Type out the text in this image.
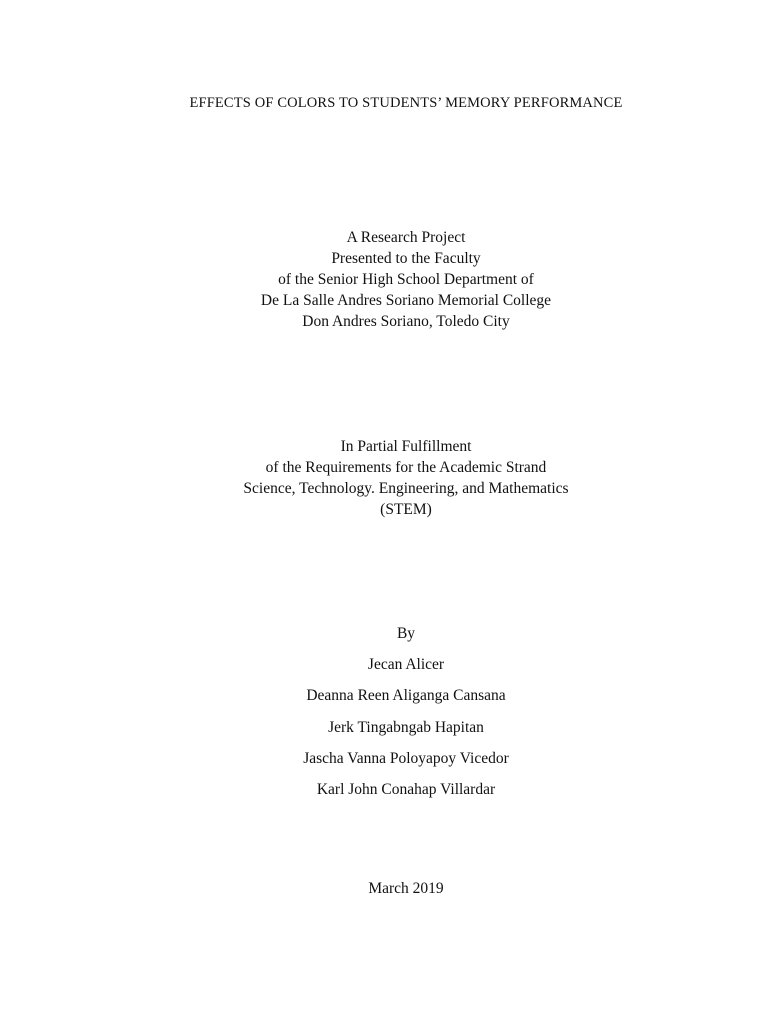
EFFECTS OF COLORS TO STUDENTS’ MEMORY PERFORMANCE
A Research Project
Presented to the Faculty
of the Senior High School Department of
De La Salle Andres Soriano Memorial College
Don Andres Soriano, Toledo City
In Partial Fulfillment
of the Requirements for the Academic Strand
Science, Technology. Engineering, and Mathematics
(STEM)
By
Jecan Alicer
Deanna Reen Aliganga Cansana
Jerk Tingabngab Hapitan
Jascha Vanna Poloyapoy Vicedor
Karl John Conahap Villardar
March 2019
